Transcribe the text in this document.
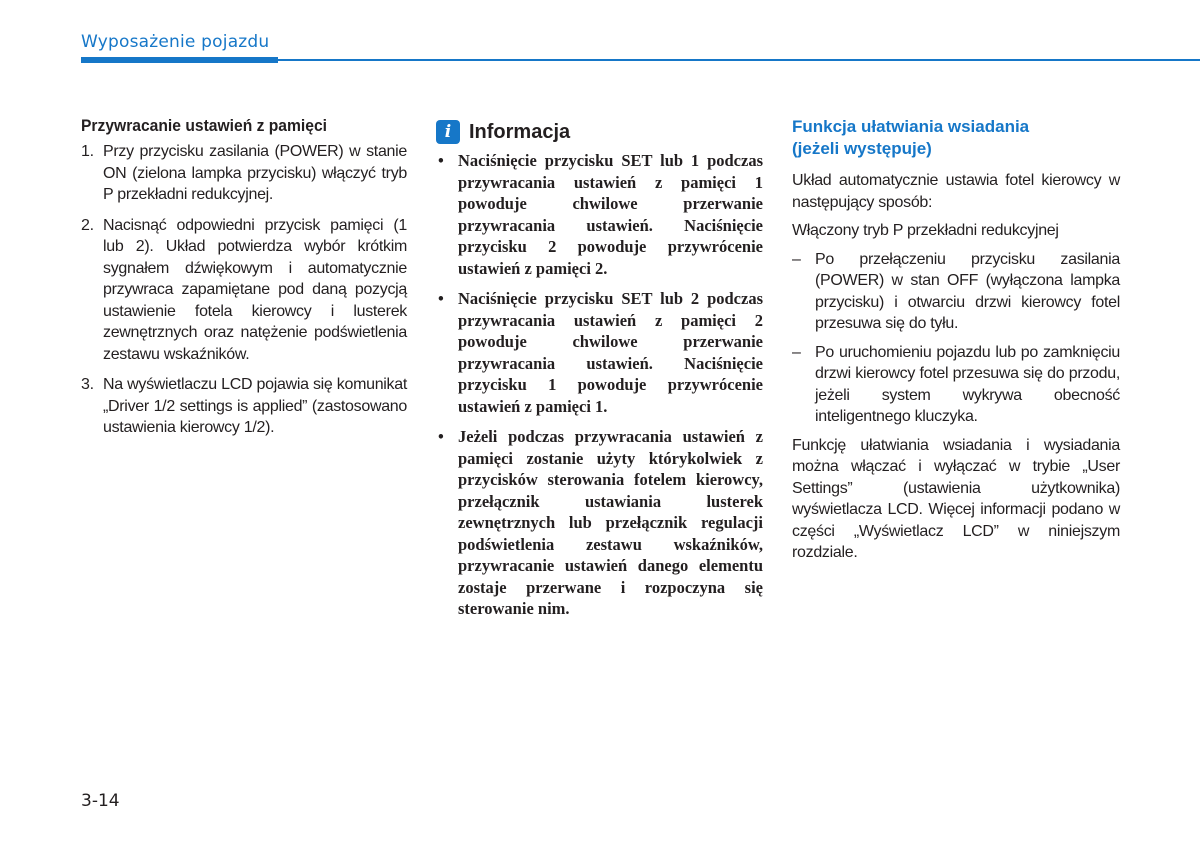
Wyposażenie pojazdu
Przywracanie ustawień z pamięci
1. Przy przycisku zasilania (POWER) w stanie ON (zielona lampka przycisku) włączyć tryb P przekładni redukcyjnej.
2. Nacisnąć odpowiedni przycisk pamięci (1 lub 2). Układ potwierdza wybór krótkim sygnałem dźwiękowym i automatycznie przywraca zapamiętane pod daną pozycją ustawienie fotela kierowcy i lusterek zewnętrznych oraz natężenie podświetlenia zestawu wskaźników.
3. Na wyświetlaczu LCD pojawia się komunikat „Driver 1/2 settings is applied” (zastosowano ustawienia kierowcy 1/2).
i Informacja
• Naciśnięcie przycisku SET lub 1 podczas przywracania ustawień z pamięci 1 powoduje chwilowe przerwanie przywracania ustawień. Naciśnięcie przycisku 2 powoduje przywrócenie ustawień z pamięci 2.
• Naciśnięcie przycisku SET lub 2 podczas przywracania ustawień z pamięci 2 powoduje chwilowe przerwanie przywracania ustawień. Naciśnięcie przycisku 1 powoduje przywrócenie ustawień z pamięci 1.
• Jeżeli podczas przywracania ustawień z pamięci zostanie użyty którykolwiek z przycisków sterowania fotelem kierowcy, przełącznik ustawiania lusterek zewnętrznych lub przełącznik regulacji podświetlenia zestawu wskaźników, przywracanie ustawień danego elementu zostaje przerwane i rozpoczyna się sterowanie nim.
Funkcja ułatwiania wsiadania
(jeżeli występuje)

Układ automatycznie ustawia fotel kierowcy w następujący sposób:

Włączony tryb P przekładni redukcyjnej

– Po przełączeniu przycisku zasilania (POWER) w stan OFF (wyłączona lampka przycisku) i otwarciu drzwi kierowcy fotel przesuwa się do tyłu.
– Po uruchomieniu pojazdu lub po zamknięciu drzwi kierowcy fotel przesuwa się do przodu, jeżeli system wykrywa obecność inteligentnego kluczyka.

Funkcję ułatwiania wsiadania i wysiadania można włączać i wyłączać w trybie „User Settings” (ustawienia użytkownika) wyświetlacza LCD. Więcej informacji podano w części „Wyświetlacz LCD” w niniejszym rozdziale.

3-14
